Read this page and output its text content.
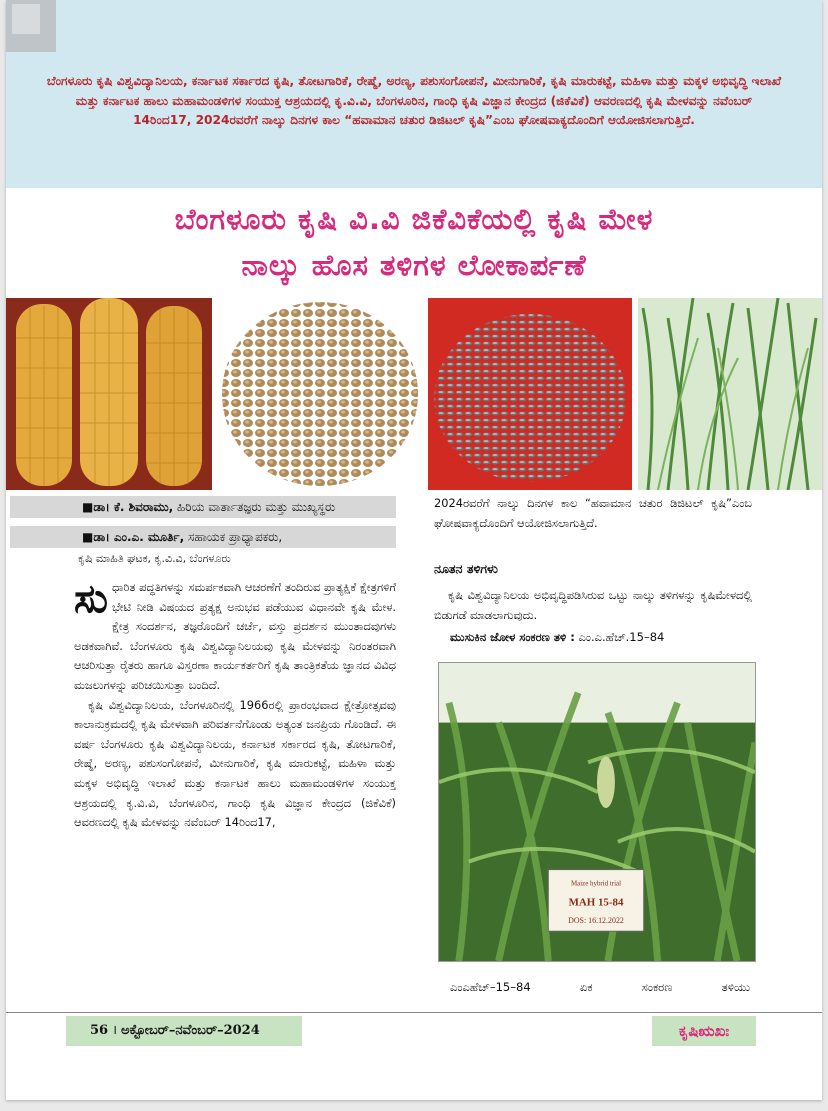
ಬೆಂಗಳೂರು ಕೃಷಿ ವಿಶ್ವವಿದ್ಯಾನಿಲಯ, ಕರ್ನಾಟಕ ಸರ್ಕಾರದ ಕೃಷಿ, ತೋಟಗಾರಿಕೆ, ರೇಷ್ಮೆ, ಅರಣ್ಯ, ಪಶುಸಂಗೋಪನೆ, ಮೀನುಗಾರಿಕೆ, ಕೃಷಿ ಮಾರುಕಟ್ಟೆ, ಮಹಿಳಾ ಮತ್ತು ಮಕ್ಕಳ ಅಭಿವೃದ್ಧಿ ಇಲಾಖೆ ಮತ್ತು ಕರ್ನಾಟಕ ಹಾಲು ಮಹಾಮಂಡಳಿಗಳ ಸಂಯುಕ್ತ ಆಶ್ರಯದಲ್ಲಿ ಕೃ.ವಿ.ವಿ, ಬೆಂಗಳೂರಿನ, ಗಾಂಧಿ ಕೃಷಿ ವಿಜ್ಞಾನ ಕೇಂದ್ರದ (ಜಿಕೆವಿಕೆ) ಆವರಣದಲ್ಲಿ ಕೃಷಿ ಮೇಳವನ್ನು ನವೆಂಬರ್ 14ರಿಂದ17, 2024ರವರೆಗೆ ನಾಲ್ಕು ದಿನಗಳ ಕಾಲ “ಹವಾಮಾನ ಚತುರ ಡಿಜಿಟಲ್ ಕೃಷಿ”ಎಂಬ ಘೋಷವಾಕ್ಯದೊಂದಿಗೆ ಆಯೋಜಿಸಲಾಗುತ್ತಿದೆ.

ಬೆಂಗಳೂರು ಕೃಷಿ ವಿ.ವಿ ಜಿಕೆವಿಕೆಯಲ್ಲಿ ಕೃಷಿ ಮೇಳ
ನಾಲ್ಕು ಹೊಸ ತಳಿಗಳ ಲೋಕಾರ್ಪಣೆ
■ಡಾ। ಕೆ. ಶಿವರಾಮು, ಹಿರಿಯ ವಾರ್ತಾತಜ್ಞರು ಮತ್ತು ಮುಖ್ಯಸ್ಥರು
■ಡಾ। ಎಂ.ಎ. ಮೂರ್ತಿ, ಸಹಾಯಕ ಪ್ರಾಧ್ಯಾಪಕರು,
ಕೃಷಿ ಮಾಹಿತಿ ಘಟಕ, ಕೃ.ವಿ.ವಿ, ಬೆಂಗಳೂರು

ಸುಧಾರಿತ ಪದ್ಧತಿಗಳನ್ನು ಸಮರ್ಪಕವಾಗಿ ಆಚರಣೆಗೆ ತಂದಿರುವ ಪ್ರಾತ್ಯಕ್ಷಿಕೆ ಕ್ಷೇತ್ರಗಳಿಗೆ ಭೇಟಿ ನೀಡಿ ವಿಷಯದ ಪ್ರತ್ಯಕ್ಷ ಅನುಭವ ಪಡೆಯುವ ವಿಧಾನವೇ ಕೃಷಿ ಮೇಳ. ಕ್ಷೇತ್ರ ಸಂದರ್ಶನ, ತಜ್ಞರೊಂದಿಗೆ ಚರ್ಚೆ, ವಸ್ತು ಪ್ರದರ್ಶನ ಮುಂತಾದವುಗಳು ಅಡಕವಾಗಿವೆ. ಬೆಂಗಳೂರು ಕೃಷಿ ವಿಶ್ವವಿದ್ಯಾನಿಲಯವು ಕೃಷಿ ಮೇಳವನ್ನು ನಿರಂತರವಾಗಿ ಆಚರಿಸುತ್ತಾ ರೈತರು ಹಾಗೂ ವಿಸ್ತರಣಾ ಕಾರ್ಯಕರ್ತರಿಗೆ ಕೃಷಿ ತಾಂತ್ರಿಕತೆಯ ಜ್ಞಾನದ ವಿವಿಧ ಮಜಲುಗಳನ್ನು ಪರಿಚಯಿಸುತ್ತಾ ಬಂದಿದೆ.

ಕೃಷಿ ವಿಶ್ವವಿದ್ಯಾನಿಲಯ, ಬೆಂಗಳೂರಿನಲ್ಲಿ 1966ರಲ್ಲಿ ಪ್ರಾರಂಭವಾದ ಕ್ಷೇತ್ರೋತ್ಸವವು ಕಾಲಾನುಕ್ರಮದಲ್ಲಿ ಕೃಷಿ ಮೇಳವಾಗಿ ಪರಿವರ್ತನೆಗೊಂಡು ಅತ್ಯಂತ ಜನಪ್ರಿಯ ಗೊಂಡಿದೆ. ಈ ವರ್ಷ ಬೆಂಗಳೂರು ಕೃಷಿ ವಿಶ್ವವಿದ್ಯಾನಿಲಯ, ಕರ್ನಾಟಕ ಸರ್ಕಾರದ ಕೃಷಿ, ತೋಟಗಾರಿಕೆ, ರೇಷ್ಮೆ, ಅರಣ್ಯ, ಪಶುಸಂಗೋಪನೆ, ಮೀನುಗಾರಿಕೆ, ಕೃಷಿ ಮಾರುಕಟ್ಟೆ, ಮಹಿಳಾ ಮತ್ತು ಮಕ್ಕಳ ಅಭಿವೃದ್ಧಿ ಇಲಾಖೆ ಮತ್ತು ಕರ್ನಾಟಕ ಹಾಲು ಮಹಾಮಂಡಳಿಗಳ ಸಂಯುಕ್ತ ಆಶ್ರಯದಲ್ಲಿ ಕೃ.ವಿ.ವಿ, ಬೆಂಗಳೂರಿನ, ಗಾಂಧಿ ಕೃಷಿ ವಿಜ್ಞಾನ ಕೇಂದ್ರದ (ಜಿಕೆವಿಕೆ) ಆವರಣದಲ್ಲಿ ಕೃಷಿ ಮೇಳವನ್ನು ನವೆಂಬರ್ 14ರಿಂದ17,

2024ರವರೆಗೆ ನಾಲ್ಕು ದಿನಗಳ ಕಾಲ “ಹವಾಮಾನ ಚತುರ ಡಿಜಿಟಲ್ ಕೃಷಿ”ಎಂಬ ಘೋಷವಾಕ್ಯದೊಂದಿಗೆ ಆಯೋಜಿಸಲಾಗುತ್ತಿದೆ.
ನೂತನ ತಳಿಗಳು
ಕೃಷಿ ವಿಶ್ವವಿದ್ಯಾನಿಲಯ ಅಭಿವೃದ್ಧಿಪಡಿಸಿರುವ ಒಟ್ಟು ನಾಲ್ಕು ತಳಿಗಳನ್ನು ಕೃಷಿಮೇಳದಲ್ಲಿ ಬಿಡುಗಡೆ ಮಾಡಲಾಗುವುದು.
ಮುಸುಕಿನ ಜೋಳ ಸಂಕರಣ ತಳಿ : ಎಂ.ಎ.ಹೆಚ್.15–84
Maize hybrid trial
MAH 15-84
DOS: 16.12.2022
ಎಂಎಹೆಚ್–15–84	ಏಕ	ಸಂಕರಣ	ತಳಿಯು
56 । ಅಕ್ಟೋಬರ್–ನವೆಂಬರ್–2024	ಕೃಷಿಋಖಃ
